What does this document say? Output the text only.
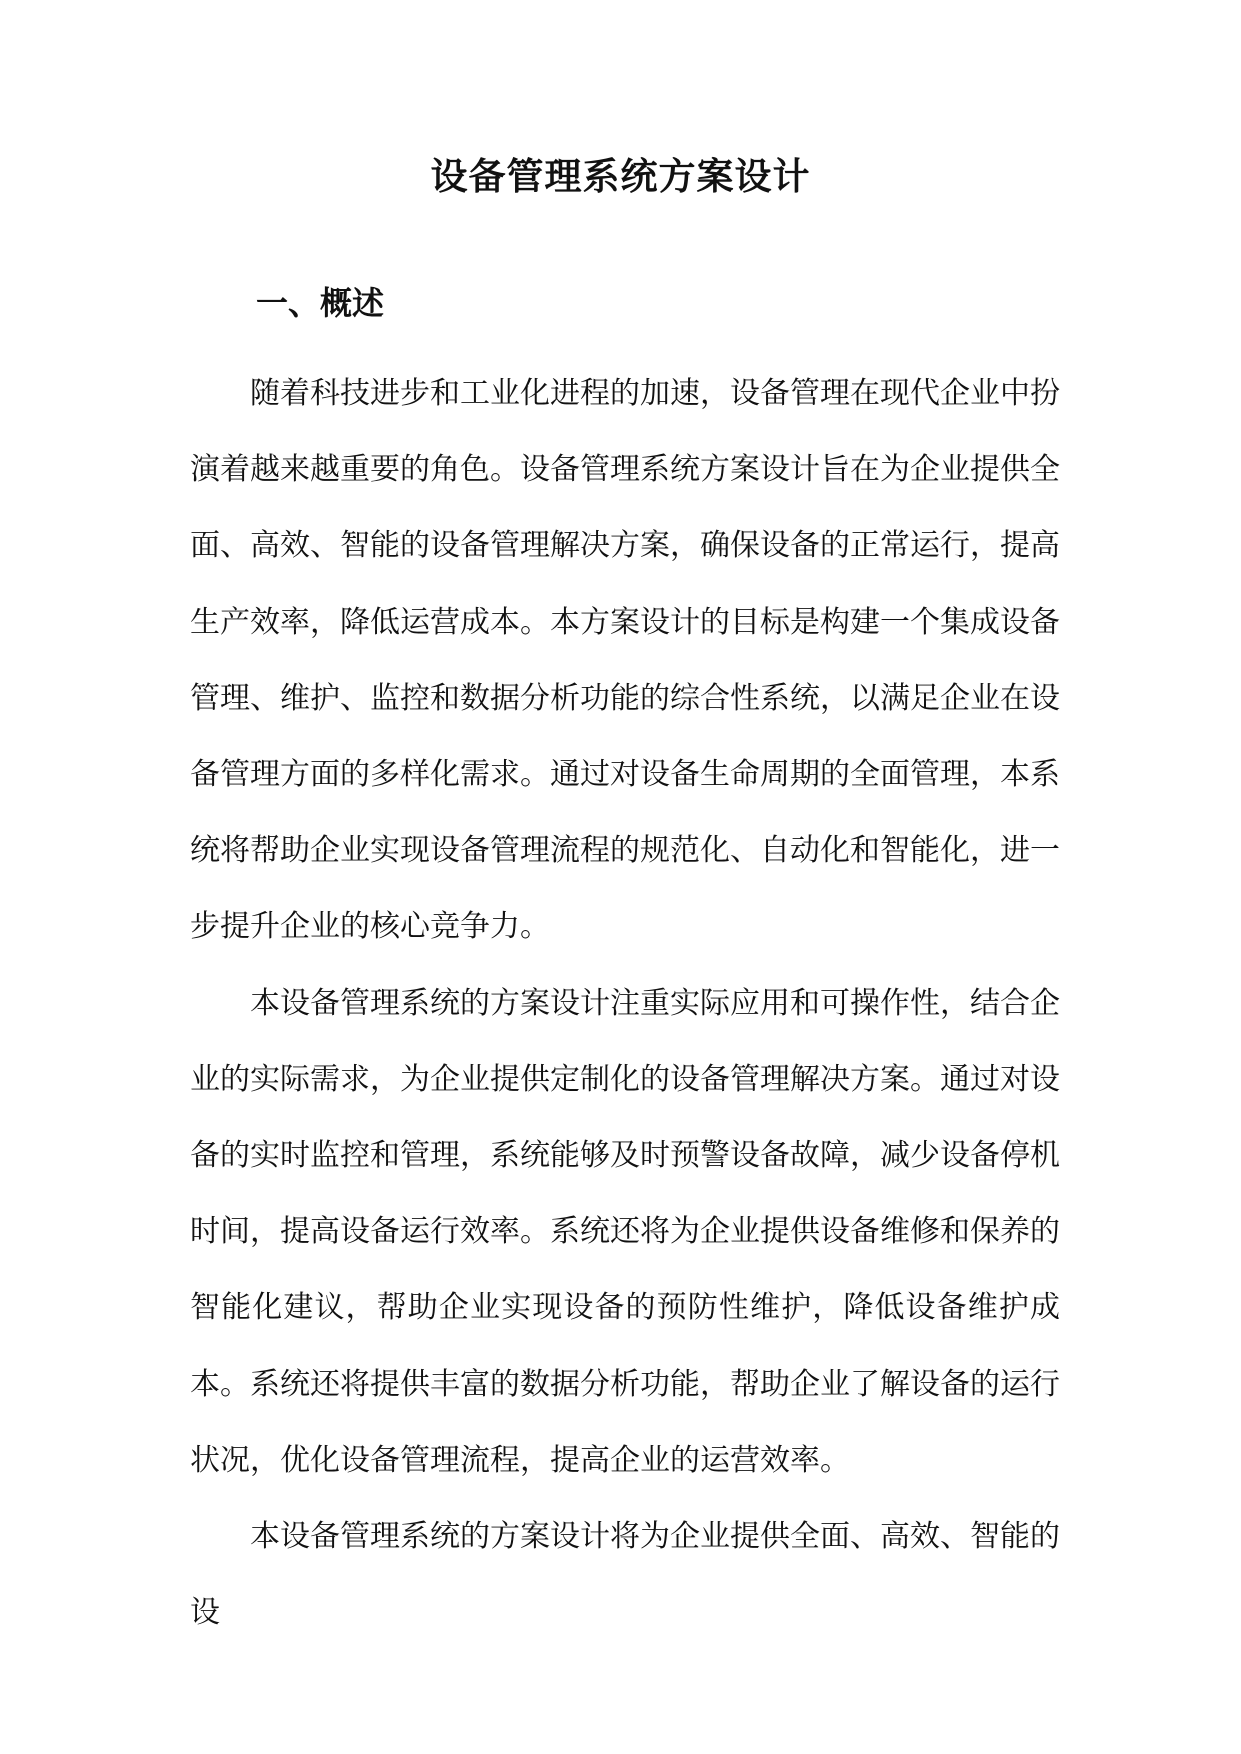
设备管理系统方案设计
一、概述

随着科技进步和工业化进程的加速，设备管理在现代企业中扮演着越来越重要的角色。设备管理系统方案设计旨在为企业提供全面、高效、智能的设备管理解决方案，确保设备的正常运行，提高生产效率，降低运营成本。本方案设计的目标是构建一个集成设备管理、维护、监控和数据分析功能的综合性系统，以满足企业在设备管理方面的多样化需求。通过对设备生命周期的全面管理，本系统将帮助企业实现设备管理流程的规范化、自动化和智能化，进一步提升企业的核心竞争力。

本设备管理系统的方案设计注重实际应用和可操作性，结合企业的实际需求，为企业提供定制化的设备管理解决方案。通过对设备的实时监控和管理，系统能够及时预警设备故障，减少设备停机时间，提高设备运行效率。系统还将为企业提供设备维修和保养的智能化建议，帮助企业实现设备的预防性维护，降低设备维护成本。系统还将提供丰富的数据分析功能，帮助企业了解设备的运行状况，优化设备管理流程，提高企业的运营效率。

本设备管理系统的方案设计将为企业提供全面、高效、智能的设
